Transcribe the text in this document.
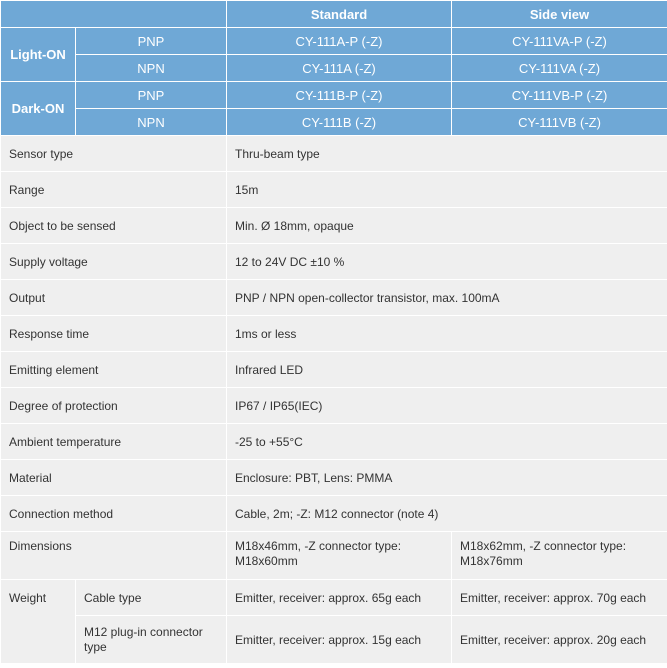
		Standard	Side view
Light-ON	PNP	CY-111A-P (-Z)	CY-111VA-P (-Z)
	NPN	CY-111A (-Z)	CY-111VA (-Z)
Dark-ON	PNP	CY-111B-P (-Z)	CY-111VB-P (-Z)
	NPN	CY-111B (-Z)	CY-111VB (-Z)
Sensor type		Thru-beam type	
Range		15m	
Object to be sensed		Min. Ø 18mm, opaque	
Supply voltage		12 to 24V DC ±10 %	
Output		PNP / NPN open-collector transistor, max. 100mA	
Response time		1ms or less	
Emitting element		Infrared LED	
Degree of protection		IP67 / IP65(IEC)	
Ambient temperature		-25 to +55°C	
Material		Enclosure: PBT, Lens: PMMA	
Connection method		Cable, 2m; -Z: M12 connector (note 4)	
Dimensions		M18x46mm, -Z connector type: M18x60mm	M18x62mm, -Z connector type: M18x76mm
Weight	Cable type	Emitter, receiver: approx. 65g each	Emitter, receiver: approx. 70g each
	M12 plug-in connector type	Emitter, receiver: approx. 15g each	Emitter, receiver: approx. 20g each
